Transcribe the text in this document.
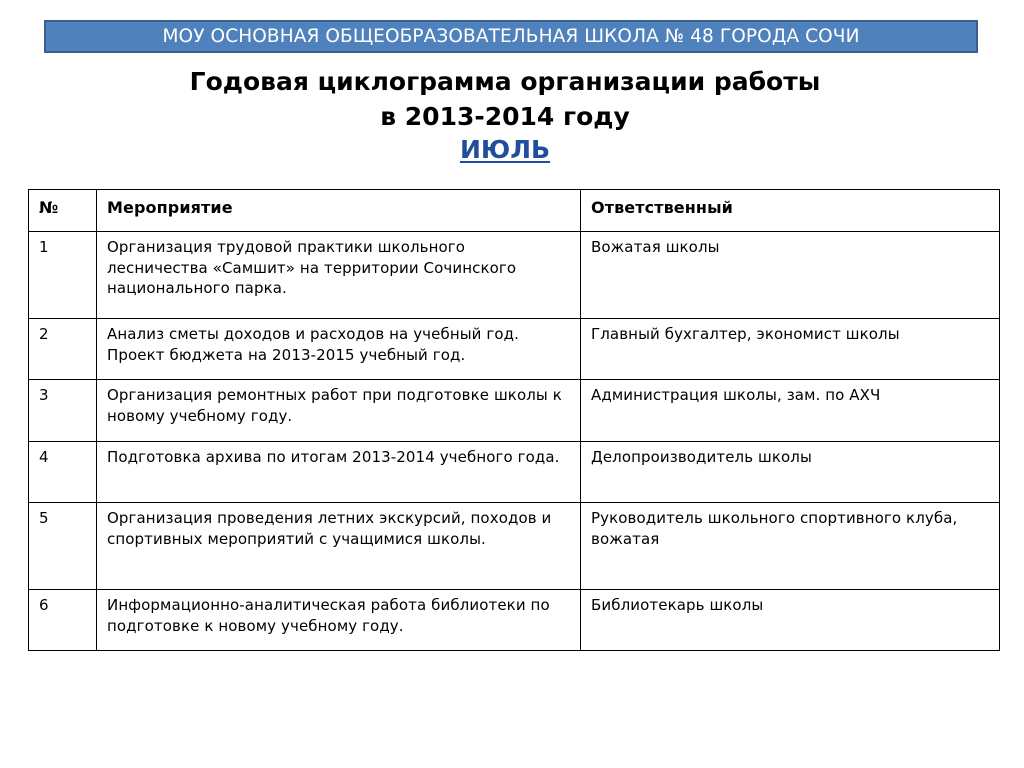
МОУ ОСНОВНАЯ ОБЩЕОБРАЗОВАТЕЛЬНАЯ ШКОЛА № 48 ГОРОДА СОЧИ
Годовая циклограмма организации работы
в 2013-2014 году
ИЮЛЬ
№	Мероприятие	Ответственный
1	Организация трудовой практики школьного лесничества «Самшит» на территории Сочинского национального парка.	Вожатая школы
2	Анализ сметы доходов и расходов на учебный год. Проект бюджета на 2013-2015 учебный год.	Главный бухгалтер, экономист школы
3	Организация ремонтных работ при подготовке школы к новому учебному году.	Администрация школы, зам. по АХЧ
4	Подготовка архива по итогам 2013-2014 учебного года.	Делопроизводитель школы
5	Организация проведения летних экскурсий, походов и спортивных мероприятий с учащимися школы.	Руководитель школьного спортивного клуба, вожатая
6	Информационно-аналитическая работа библиотеки по подготовке к новому учебному году.	Библиотекарь школы
